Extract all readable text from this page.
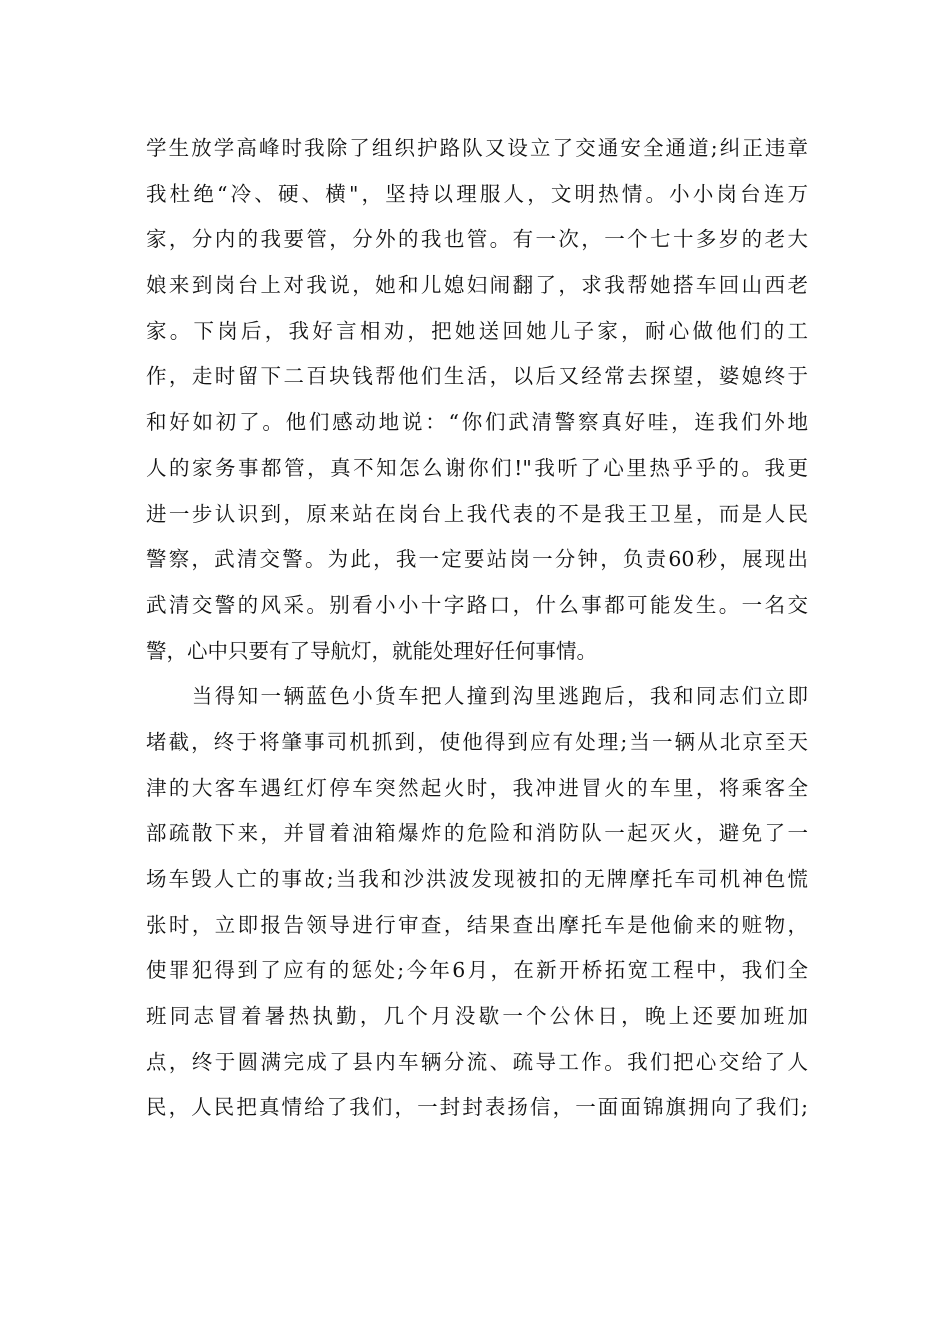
学生放学高峰时我除了组织护路队又设立了交通安全通道;纠正违章
我杜绝“冷、硬、横"，坚持以理服人，文明热情。小小岗台连万
家，分内的我要管，分外的我也管。有一次，一个七十多岁的老大
娘来到岗台上对我说，她和儿媳妇闹翻了，求我帮她搭车回山西老
家。下岗后，我好言相劝，把她送回她儿子家，耐心做他们的工
作，走时留下二百块钱帮他们生活，以后又经常去探望，婆媳终于
和好如初了。他们感动地说：“你们武清警察真好哇，连我们外地
人的家务事都管，真不知怎么谢你们!"我听了心里热乎乎的。我更
进一步认识到，原来站在岗台上我代表的不是我王卫星，而是人民
警察，武清交警。为此，我一定要站岗一分钟，负责60秒，展现出
武清交警的风采。别看小小十字路口，什么事都可能发生。一名交
警，心中只要有了导航灯，就能处理好任何事情。
　　当得知一辆蓝色小货车把人撞到沟里逃跑后，我和同志们立即
堵截，终于将肇事司机抓到，使他得到应有处理;当一辆从北京至天
津的大客车遇红灯停车突然起火时，我冲进冒火的车里，将乘客全
部疏散下来，并冒着油箱爆炸的危险和消防队一起灭火，避免了一
场车毁人亡的事故;当我和沙洪波发现被扣的无牌摩托车司机神色慌
张时，立即报告领导进行审查，结果查出摩托车是他偷来的赃物，
使罪犯得到了应有的惩处;今年6月，在新开桥拓宽工程中，我们全
班同志冒着暑热执勤，几个月没歇一个公休日，晚上还要加班加
点，终于圆满完成了县内车辆分流、疏导工作。我们把心交给了人
民，人民把真情给了我们，一封封表扬信，一面面锦旗拥向了我们;
